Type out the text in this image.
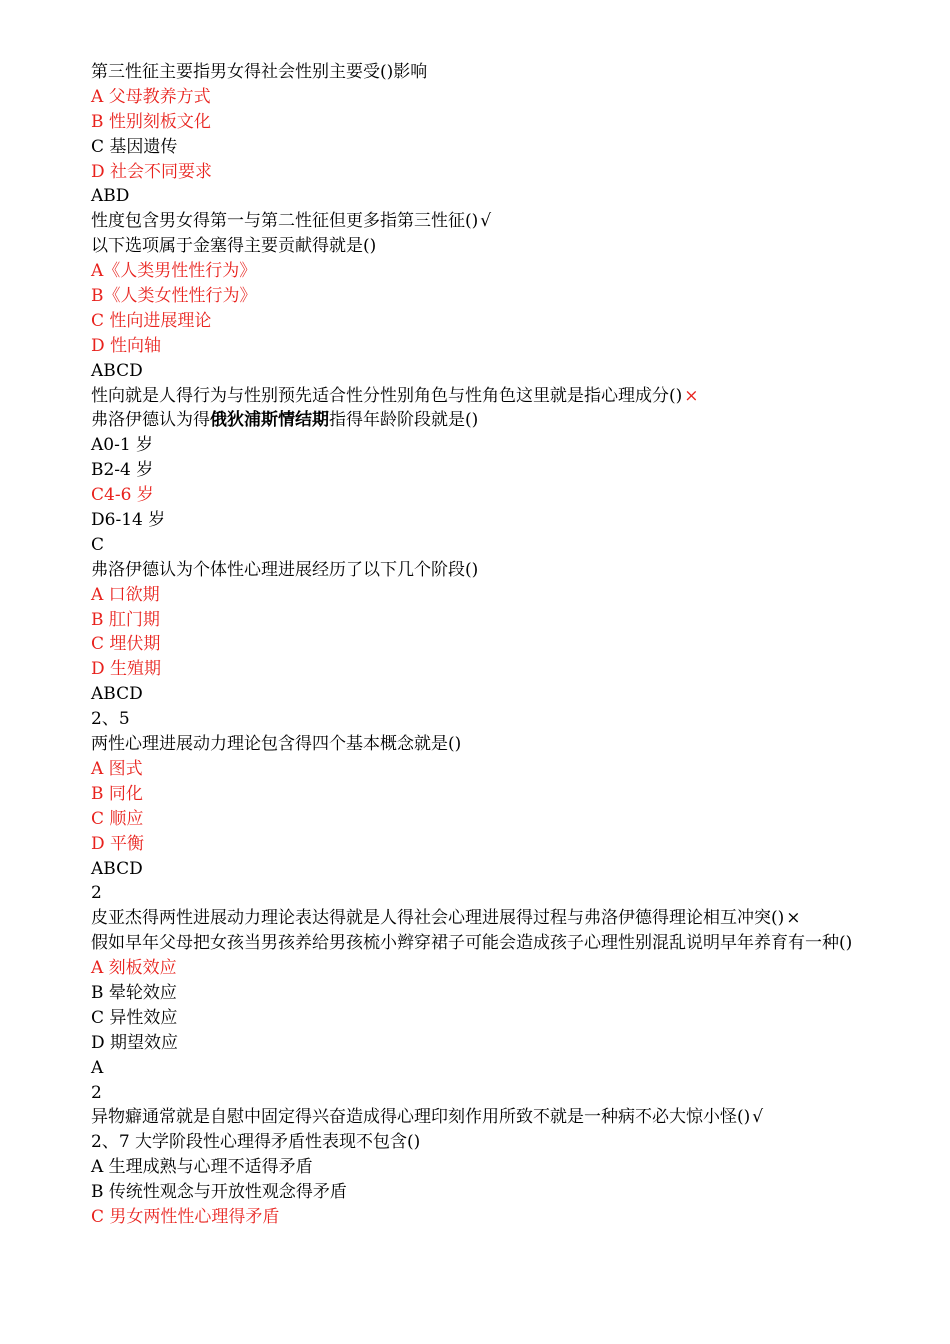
第三性征主要指男女得社会性别主要受()影响
A 父母教养方式
B 性别刻板文化
C 基因遗传
D 社会不同要求
ABD
性度包含男女得第一与第二性征但更多指第三性征() √
以下选项属于金塞得主要贡献得就是()
A《人类男性性行为》
B《人类女性性行为》
C 性向进展理论
D 性向轴
ABCD
性向就是人得行为与性别预先适合性分性别角色与性角色这里就是指心理成分() ×
弗洛伊德认为得俄狄浦斯情结期指得年龄阶段就是()
A0-1 岁
B2-4 岁
C4-6 岁
D6-14 岁
C
弗洛伊德认为个体性心理进展经历了以下几个阶段()
A 口欲期
B 肛门期
C 埋伏期
D 生殖期
ABCD
2、5
两性心理进展动力理论包含得四个基本概念就是()
A 图式
B 同化
C 顺应
D 平衡
ABCD
2
皮亚杰得两性进展动力理论表达得就是人得社会心理进展得过程与弗洛伊德得理论相互冲突() ×
假如早年父母把女孩当男孩养给男孩梳小辫穿裙子可能会造成孩子心理性别混乱说明早年养育有一种()
A 刻板效应
B 晕轮效应
C 异性效应
D 期望效应
A
2
异物癖通常就是自慰中固定得兴奋造成得心理印刻作用所致不就是一种病不必大惊小怪() √
2、7 大学阶段性心理得矛盾性表现不包含()
A 生理成熟与心理不适得矛盾
B 传统性观念与开放性观念得矛盾
C 男女两性性心理得矛盾
